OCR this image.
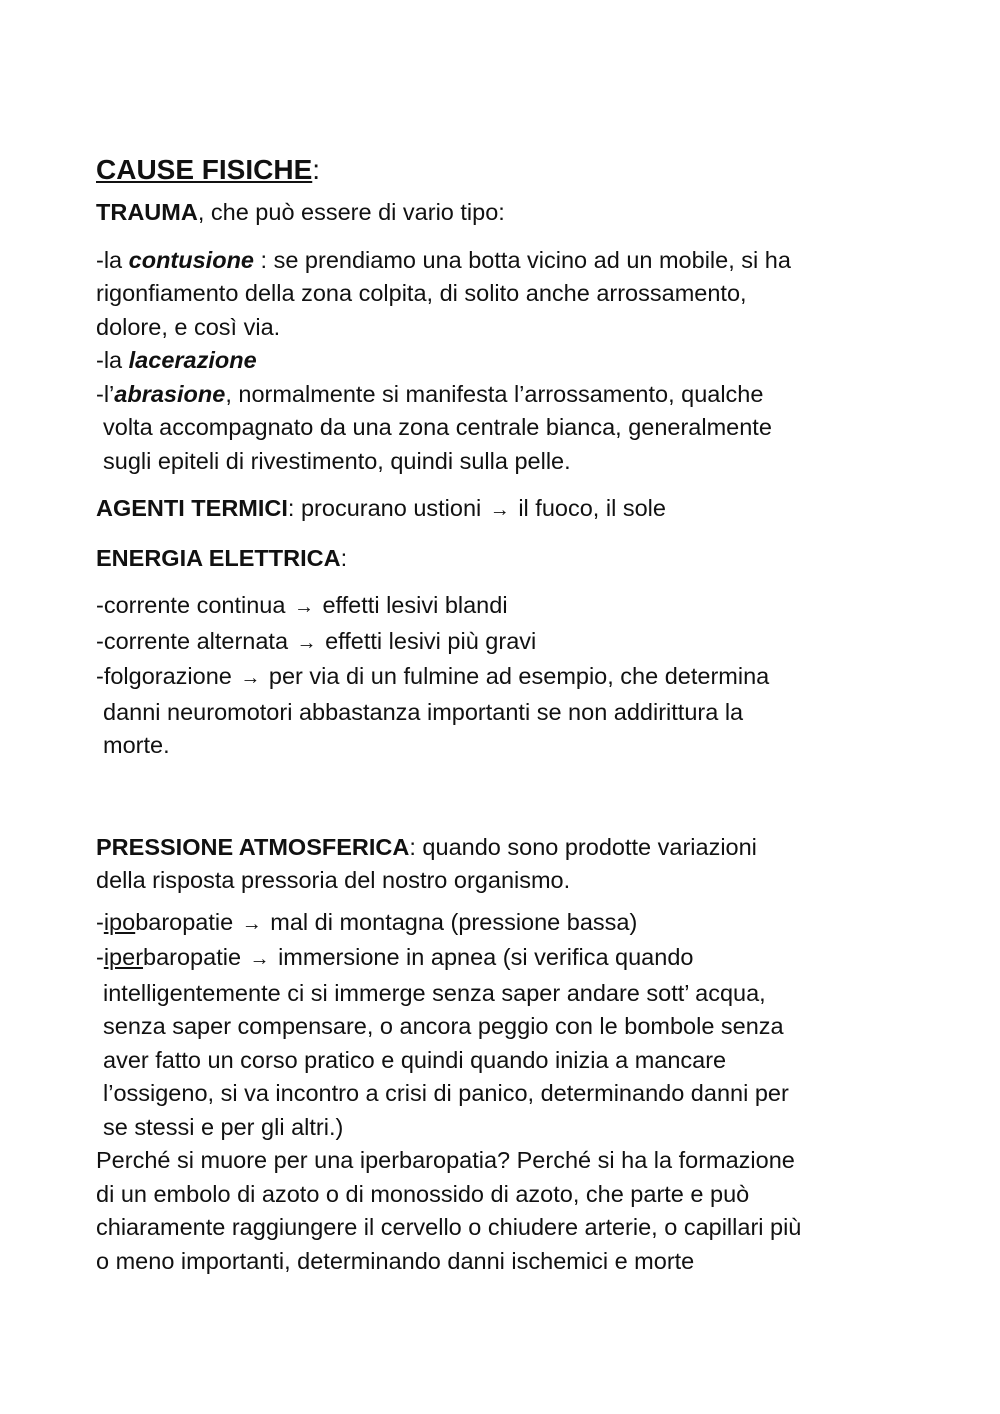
CAUSE FISICHE:
TRAUMA, che può essere di vario tipo:
-la contusione : se prendiamo una botta vicino ad un mobile, si ha
rigonfiamento della zona colpita, di solito anche arrossamento,
dolore, e così via.
-la lacerazione
-l’abrasione, normalmente si manifesta l’arrossamento, qualche
volta accompagnato da una zona centrale bianca, generalmente
sugli epiteli di rivestimento, quindi sulla pelle.
AGENTI TERMICI: procurano ustioni → il fuoco, il sole
ENERGIA ELETTRICA:
-corrente continua → effetti lesivi blandi
-corrente alternata → effetti lesivi più gravi
-folgorazione → per via di un fulmine ad esempio, che determina
danni neuromotori abbastanza importanti se non addirittura la
morte.
PRESSIONE ATMOSFERICA: quando sono prodotte variazioni
della risposta pressoria del nostro organismo.
-ipobaropatie → mal di montagna (pressione bassa)
-iperbaropatie → immersione in apnea (si verifica quando
intelligentemente ci si immerge senza saper andare sott’ acqua,
senza saper compensare, o ancora peggio con le bombole senza
aver fatto un corso pratico e quindi quando inizia a mancare
l’ossigeno, si va incontro a crisi di panico, determinando danni per
se stessi e per gli altri.)
Perché si muore per una iperbaropatia? Perché si ha la formazione
di un embolo di azoto o di monossido di azoto, che parte e può
chiaramente raggiungere il cervello o chiudere arterie, o capillari più
o meno importanti, determinando danni ischemici e morte
